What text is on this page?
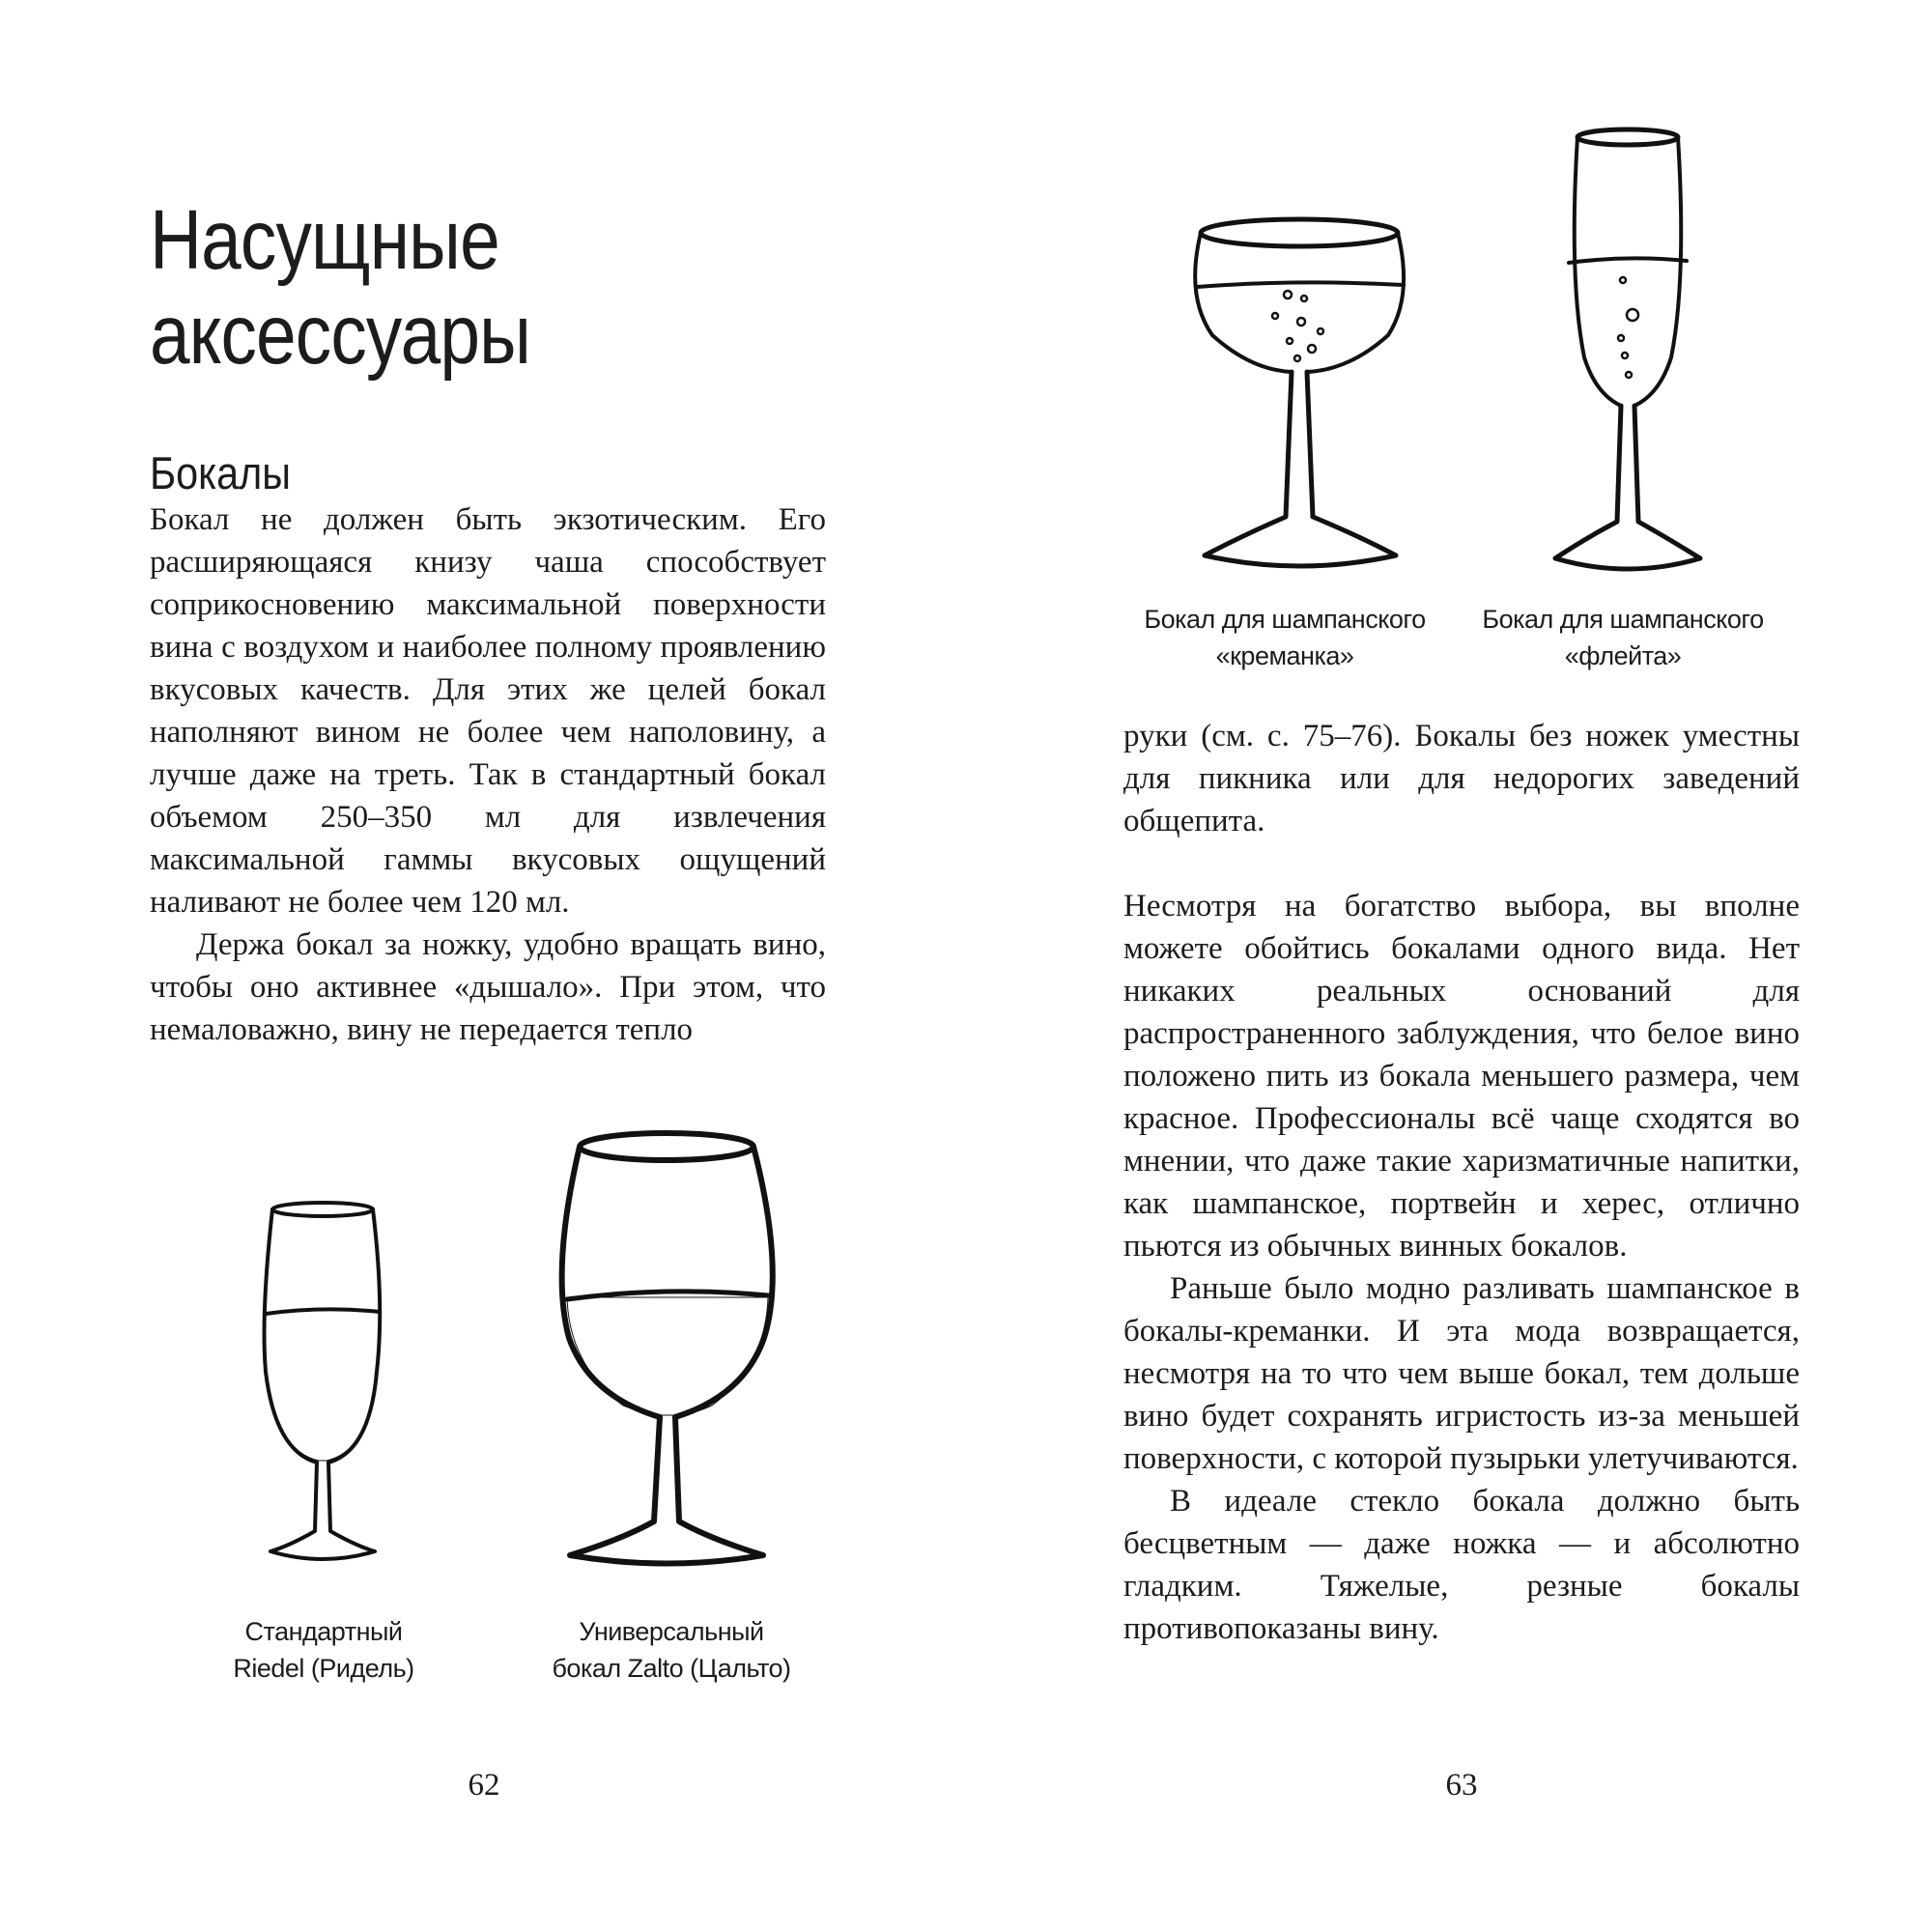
Насущные
аксессуары
Бокалы

Бокал не должен быть экзотическим. Его расширяющаяся книзу чаша способствует соприкосновению максимальной поверхности вина с воздухом и наиболее полному проявлению вкусовых качеств. Для этих же целей бокал наполняют вином не более чем наполовину, а лучше даже на треть. Так в стандартный бокал объемом 250–350 мл для извлечения максимальной гаммы вкусовых ощущений наливают не более чем 120 мл.

Держа бокал за ножку, удобно вращать вино, чтобы оно активнее «дышало». При этом, что немаловажно, вину не передается тепло

Стандартный
Riedel (Ридель)
Универсальный
бокал Zalto (Цальто)
62
Бокал для шампанского
«креманка»
Бокал для шампанского
«флейта»

руки (см. с. 75–76). Бокалы без ножек уместны для пикника или для недорогих заведений общепита.

Несмотря на богатство выбора, вы вполне можете обойтись бокалами одного вида. Нет никаких реальных оснований для распространенного заблуждения, что белое вино положено пить из бокала меньшего размера, чем красное. Профессионалы всё чаще сходятся во мнении, что даже такие харизматичные напитки, как шампанское, портвейн и херес, отлично пьются из обычных винных бокалов.

Раньше было модно разливать шампанское в бокалы-креманки. И эта мода возвращается, несмотря на то что чем выше бокал, тем дольше вино будет сохранять игристость из-за меньшей поверхности, с которой пузырьки улетучиваются.

В идеале стекло бокала должно быть бесцветным — даже ножка — и абсолютно гладким. Тяжелые, резные бокалы противопоказаны вину.

63
